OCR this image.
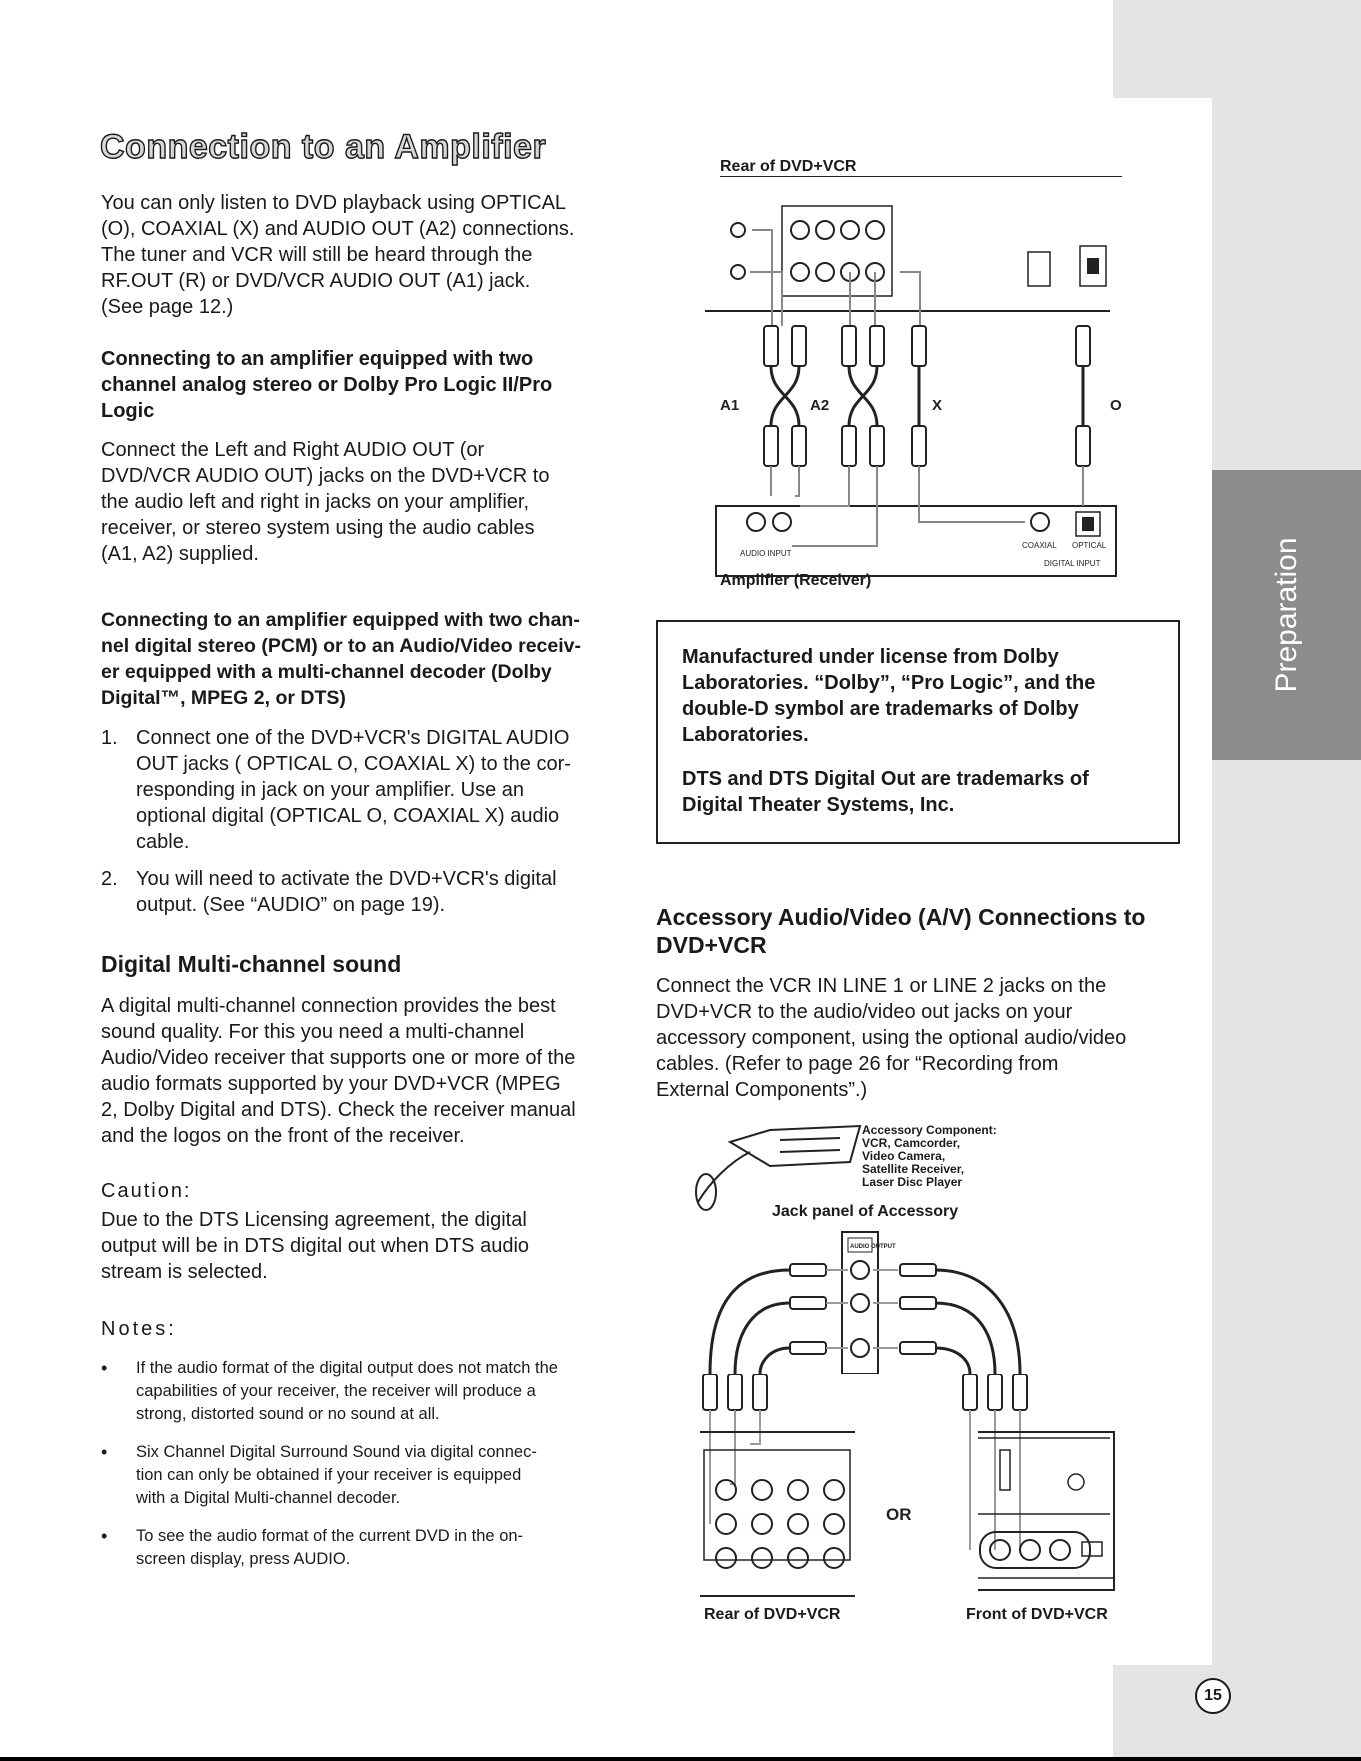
Preparation
15
Connection to an Amplifier
You can only listen to DVD playback using OPTICAL
(O), COAXIAL (X) and AUDIO OUT (A2) connections.
The tuner and VCR will still be heard through the
RF.OUT (R) or DVD/VCR AUDIO OUT (A1) jack.
(See page 12.)
Connecting to an amplifier equipped with two
channel analog stereo or Dolby Pro Logic II/Pro
Logic
Connect the Left and Right AUDIO OUT (or
DVD/VCR AUDIO OUT) jacks on the DVD+VCR to
the audio left and right in jacks on your amplifier,
receiver, or stereo system using the audio cables
(A1, A2) supplied.
Connecting to an amplifier equipped with two chan-
nel digital stereo (PCM) or to an Audio/Video receiv-
er equipped with a multi-channel decoder (Dolby
Digital™, MPEG 2, or DTS)
1. Connect one of the DVD+VCR's DIGITAL AUDIO
OUT jacks ( OPTICAL O, COAXIAL X) to the cor-
responding in jack on your amplifier. Use an
optional digital (OPTICAL O, COAXIAL X) audio
cable.
2. You will need to activate the DVD+VCR's digital
output. (See “AUDIO” on page 19).
Digital Multi-channel sound
A digital multi-channel connection provides the best
sound quality. For this you need a multi-channel
Audio/Video receiver that supports one or more of the
audio formats supported by your DVD+VCR (MPEG
2, Dolby Digital and DTS). Check the receiver manual
and the logos on the front of the receiver.
Caution:
Due to the DTS Licensing agreement, the digital
output will be in DTS digital out when DTS audio
stream is selected.
Notes:
• If the audio format of the digital output does not match the
capabilities of your receiver, the receiver will produce a
strong, distorted sound or no sound at all.
• Six Channel Digital Surround Sound via digital connec-
tion can only be obtained if your receiver is equipped
with a Digital Multi-channel decoder.
• To see the audio format of the current DVD in the on-
screen display, press AUDIO.
Rear of DVD+VCR
A1	A2	X	O
AUDIO INPUT
COAXIAL OPTICAL
DIGITAL INPUT
Amplifier (Receiver)
Manufactured under license from Dolby
Laboratories. “Dolby”, “Pro Logic”, and the
double-D symbol are trademarks of Dolby
Laboratories.
DTS and DTS Digital Out are trademarks of
Digital Theater Systems, Inc.
Accessory Audio/Video (A/V) Connections to
DVD+VCR
Connect the VCR IN LINE 1 or LINE 2 jacks on the
DVD+VCR to the audio/video out jacks on your
accessory component, using the optional audio/video
cables. (Refer to page 26 for “Recording from
External Components”.)
AUDIO OUTPUT
Accessory Component:
VCR, Camcorder,
Video Camera,
Satellite Receiver,
Laser Disc Player
Jack panel of Accessory
OR
Rear of DVD+VCR	Front of DVD+VCR
